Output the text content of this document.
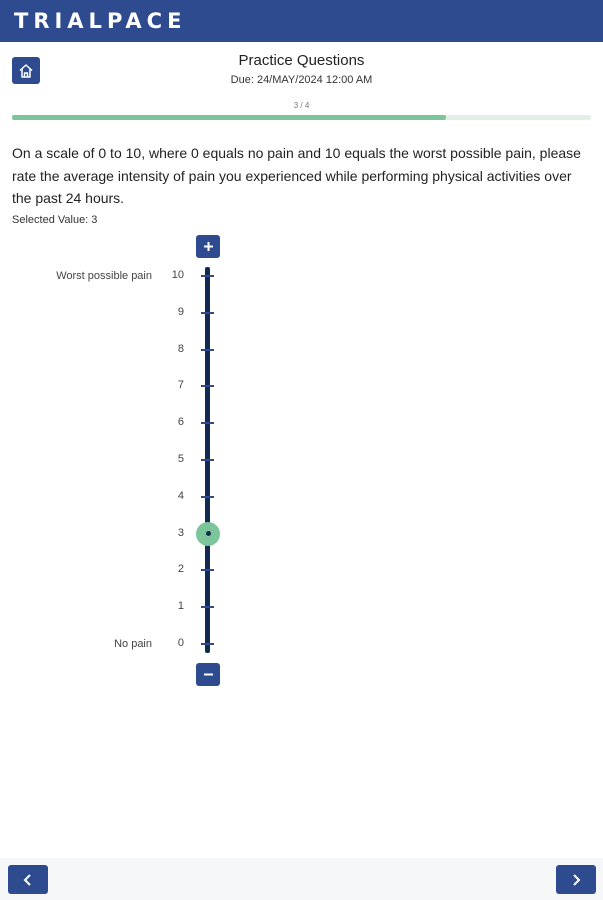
TRIALPACE
Practice Questions
Due: 24/MAY/2024 12:00 AM
3 / 4
On a scale of 0 to 10, where 0 equals no pain and 10 equals the worst possible pain, please rate the average intensity of pain you experienced while performing physical activities over the past 24 hours.
Selected Value: 3
Worst possible pain
No pain
10
9
8
7
6
5
4
3
2
1
0
